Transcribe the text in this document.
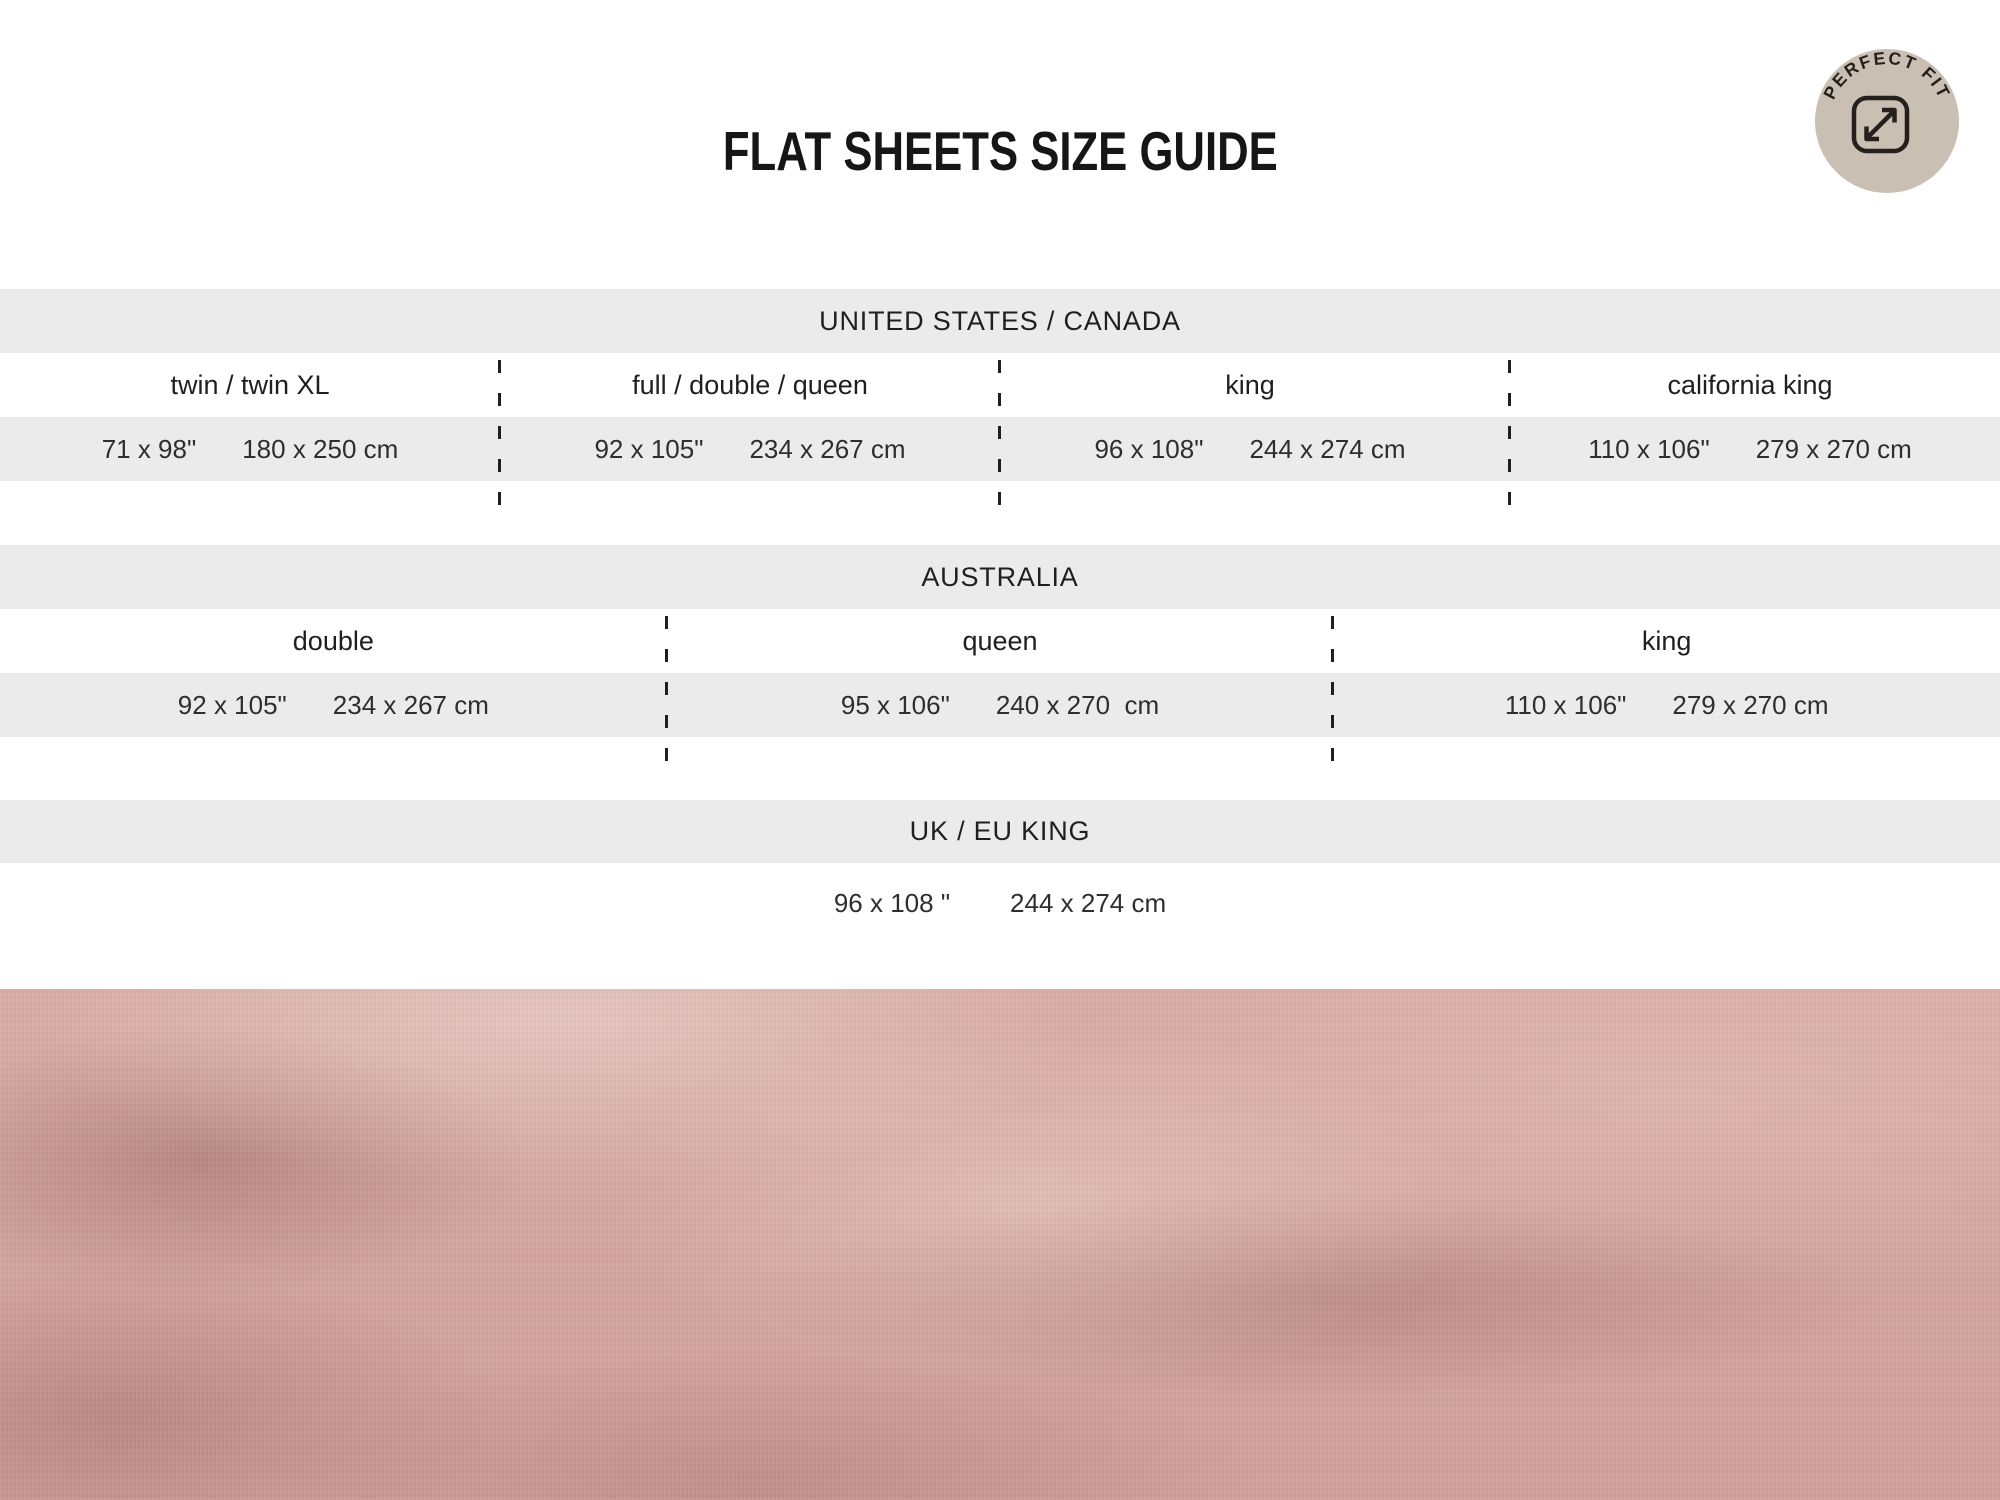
FLAT SHEETS SIZE GUIDE
PERFECT FIT
UNITED STATES / CANADA
twin / twin XL	full / double / queen	king	california king
71 x 98" 180 x 250 cm	92 x 105" 234 x 267 cm	96 x 108" 244 x 274 cm	110 x 106" 279 x 270 cm
AUSTRALIA
double	queen	king
92 x 105" 234 x 267 cm	95 x 106" 240 x 270  cm	110 x 106" 279 x 270 cm
UK / EU KING
96 x 108 " 244 x 274 cm
